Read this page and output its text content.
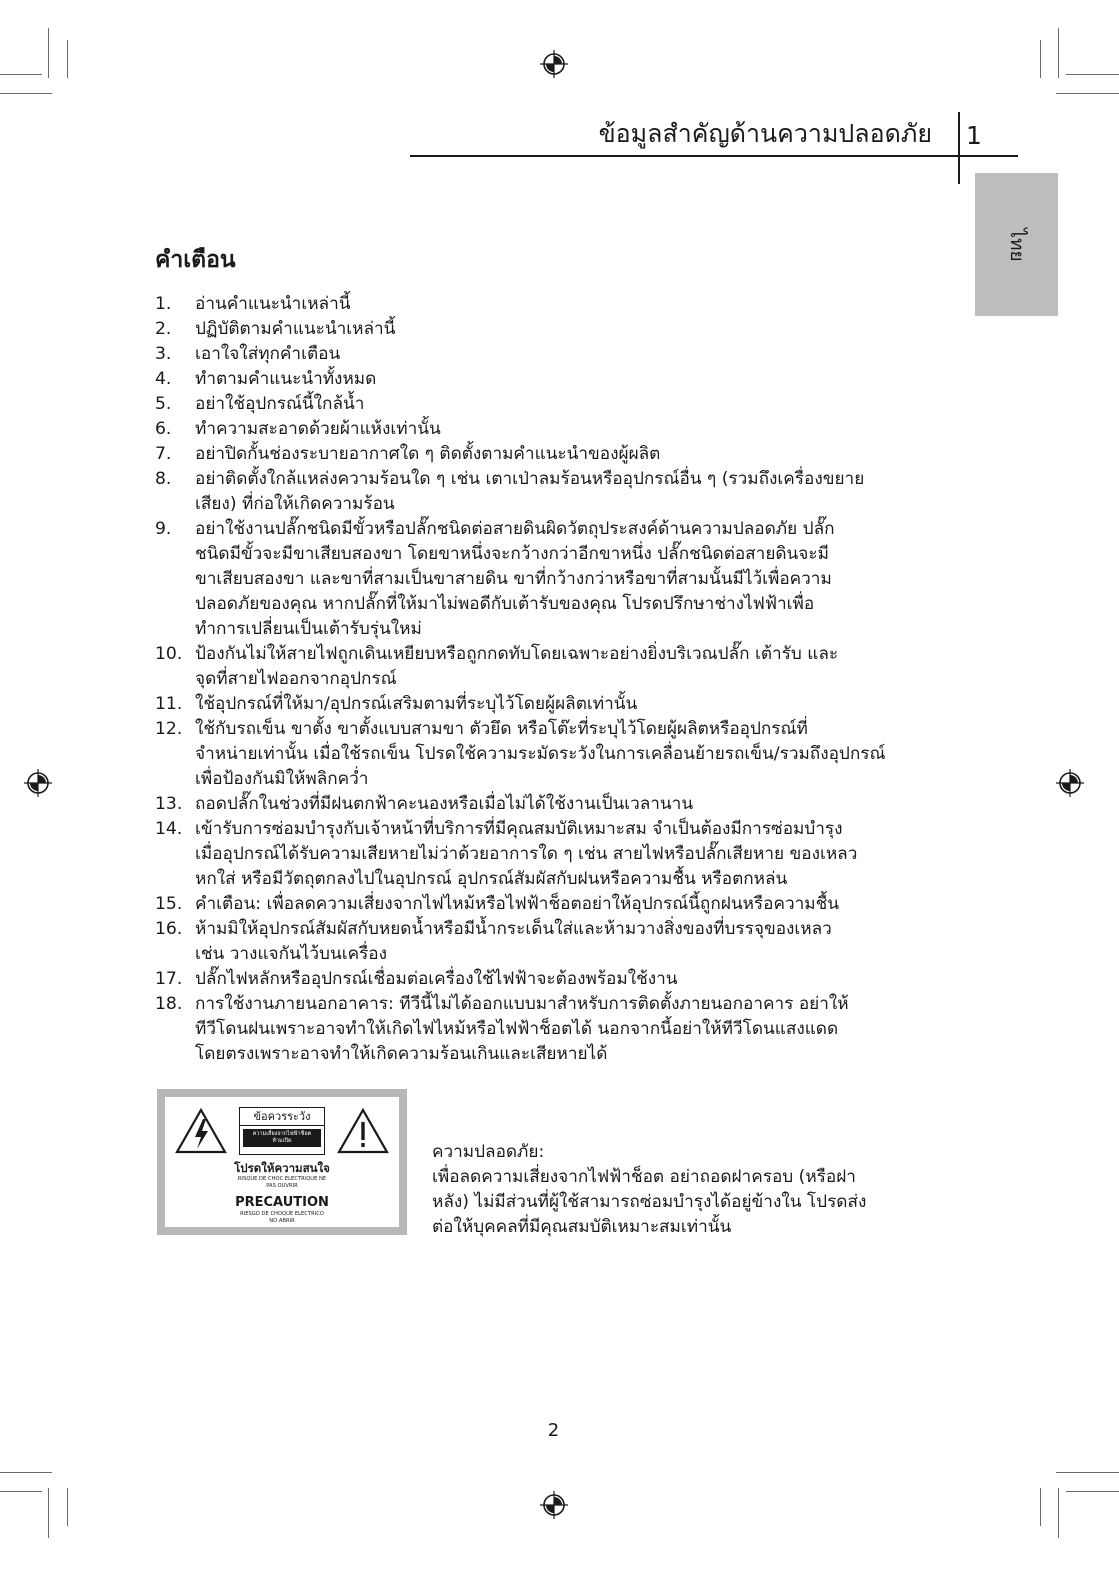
ข้อมูลสำคัญด้านความปลอดภัย 1
ไทย
คำเตือน
1. อ่านคำแนะนำเหล่านี้
2. ปฏิบัติตามคำแนะนำเหล่านี้
3. เอาใจใส่ทุกคำเตือน
4. ทำตามคำแนะนำทั้งหมด
5. อย่าใช้อุปกรณ์นี้ใกล้น้ำ
6. ทำความสะอาดด้วยผ้าแห้งเท่านั้น
7. อย่าปิดกั้นช่องระบายอากาศใด ๆ ติดตั้งตามคำแนะนำของผู้ผลิต
8. อย่าติดตั้งใกล้แหล่งความร้อนใด ๆ เช่น เตาเป่าลมร้อนหรืออุปกรณ์อื่น ๆ (รวมถึงเครื่องขยาย
เสียง) ที่ก่อให้เกิดความร้อน
9. อย่าใช้งานปลั๊กชนิดมีขั้วหรือปลั๊กชนิดต่อสายดินผิดวัตถุประสงค์ด้านความปลอดภัย ปลั๊ก
ชนิดมีขั้วจะมีขาเสียบสองขา โดยขาหนึ่งจะกว้างกว่าอีกขาหนึ่ง ปลั๊กชนิดต่อสายดินจะมี
ขาเสียบสองขา และขาที่สามเป็นขาสายดิน ขาที่กว้างกว่าหรือขาที่สามนั้นมีไว้เพื่อความ
ปลอดภัยของคุณ หากปลั๊กที่ให้มาไม่พอดีกับเต้ารับของคุณ โปรดปรึกษาช่างไฟฟ้าเพื่อ
ทำการเปลี่ยนเป็นเต้ารับรุ่นใหม่
10. ป้องกันไม่ให้สายไฟถูกเดินเหยียบหรือถูกกดทับโดยเฉพาะอย่างยิ่งบริเวณปลั๊ก เต้ารับ และ
จุดที่สายไฟออกจากอุปกรณ์
11. ใช้อุปกรณ์ที่ให้มา/อุปกรณ์เสริมตามที่ระบุไว้โดยผู้ผลิตเท่านั้น
12. ใช้กับรถเข็น ขาตั้ง ขาตั้งแบบสามขา ตัวยึด หรือโต๊ะที่ระบุไว้โดยผู้ผลิตหรืออุปกรณ์ที่
จำหน่ายเท่านั้น เมื่อใช้รถเข็น โปรดใช้ความระมัดระวังในการเคลื่อนย้ายรถเข็น/รวมถึงอุปกรณ์
เพื่อป้องกันมิให้พลิกคว่ำ
13. ถอดปลั๊กในช่วงที่มีฝนตกฟ้าคะนองหรือเมื่อไม่ได้ใช้งานเป็นเวลานาน
14. เข้ารับการซ่อมบำรุงกับเจ้าหน้าที่บริการที่มีคุณสมบัติเหมาะสม จำเป็นต้องมีการซ่อมบำรุง
เมื่ออุปกรณ์ได้รับความเสียหายไม่ว่าด้วยอาการใด ๆ เช่น สายไฟหรือปลั๊กเสียหาย ของเหลว
หกใส่ หรือมีวัตถุตกลงไปในอุปกรณ์ อุปกรณ์สัมผัสกับฝนหรือความชื้น หรือตกหล่น
15. คำเตือน: เพื่อลดความเสี่ยงจากไฟไหม้หรือไฟฟ้าช็อตอย่าให้อุปกรณ์นี้ถูกฝนหรือความชื้น
16. ห้ามมิให้อุปกรณ์สัมผัสกับหยดน้ำหรือมีน้ำกระเด็นใส่และห้ามวางสิ่งของที่บรรจุของเหลว
เช่น วางแจกันไว้บนเครื่อง
17. ปลั๊กไฟหลักหรืออุปกรณ์เชื่อมต่อเครื่องใช้ไฟฟ้าจะต้องพร้อมใช้งาน
18. การใช้งานภายนอกอาคาร: ทีวีนี้ไม่ได้ออกแบบมาสำหรับการติดตั้งภายนอกอาคาร อย่าให้
ทีวีโดนฝนเพราะอาจทำให้เกิดไฟไหม้หรือไฟฟ้าช็อตได้ นอกจากนี้อย่าให้ทีวีโดนแสงแดด
โดยตรงเพราะอาจทำให้เกิดความร้อนเกินและเสียหายได้
ข้อควรระวัง
ความเสี่ยงจากไฟฟ้าช็อต
ห้ามเปิด
โปรดให้ความสนใจ
RISQUE DE CHOC ELECTRIQUE NE
PAS OUVRIR
PRECAUTION
RIESGO DE CHOQUE ELECTRICO
NO ABRIR
ความปลอดภัย:
เพื่อลดความเสี่ยงจากไฟฟ้าช็อต อย่าถอดฝาครอบ (หรือฝา
หลัง) ไม่มีส่วนที่ผู้ใช้สามารถซ่อมบำรุงได้อยู่ข้างใน โปรดส่ง
ต่อให้บุคคลที่มีคุณสมบัติเหมาะสมเท่านั้น
2
